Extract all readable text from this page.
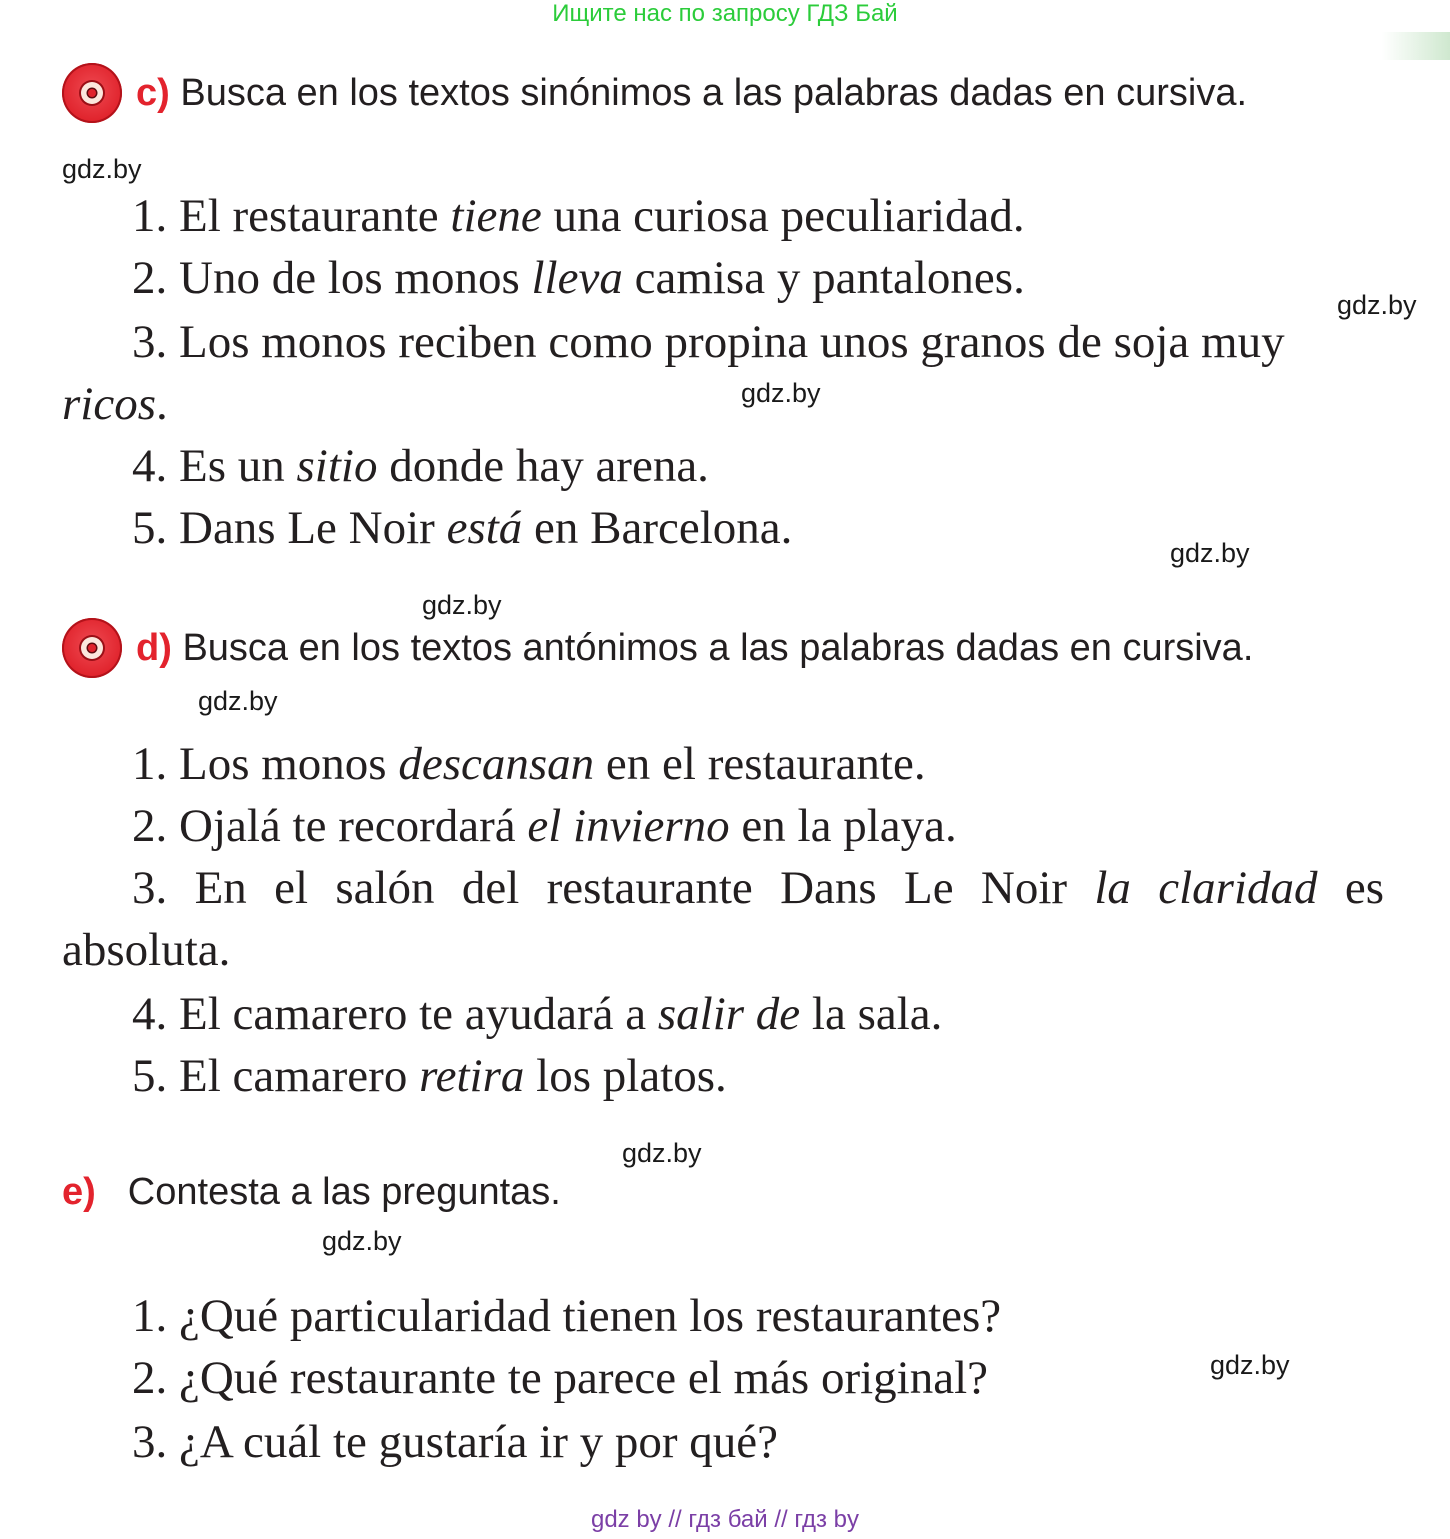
Ищите нас по запросу ГДЗ Бай
c) Busca en los textos sinónimos a las palabras dadas en cursiva.
gdz.by
1. El restaurante tiene una curiosa peculiaridad.
2. Uno de los monos lleva camisa y pantalones.
gdz.by
3. Los monos reciben como propina unos granos de soja muy
ricos.	gdz.by
4. Es un sitio donde hay arena.
5. Dans Le Noir está en Barcelona.	gdz.by
gdz.by
d) Busca en los textos antónimos a las palabras dadas en cursiva.
gdz.by
1. Los monos descansan en el restaurante.
2. Ojalá te recordará el invierno en la playa.
3. En el salón del restaurante Dans Le Noir la claridad es
absoluta.
4. El camarero te ayudará a salir de la sala.
5. El camarero retira los platos.
gdz.by
e) Contesta a las preguntas.
gdz.by
1. ¿Qué particularidad tienen los restaurantes?
gdz.by
2. ¿Qué restaurante te parece el más original?
3. ¿A cuál te gustaría ir y por qué?
gdz by // гдз бай // гдз by
